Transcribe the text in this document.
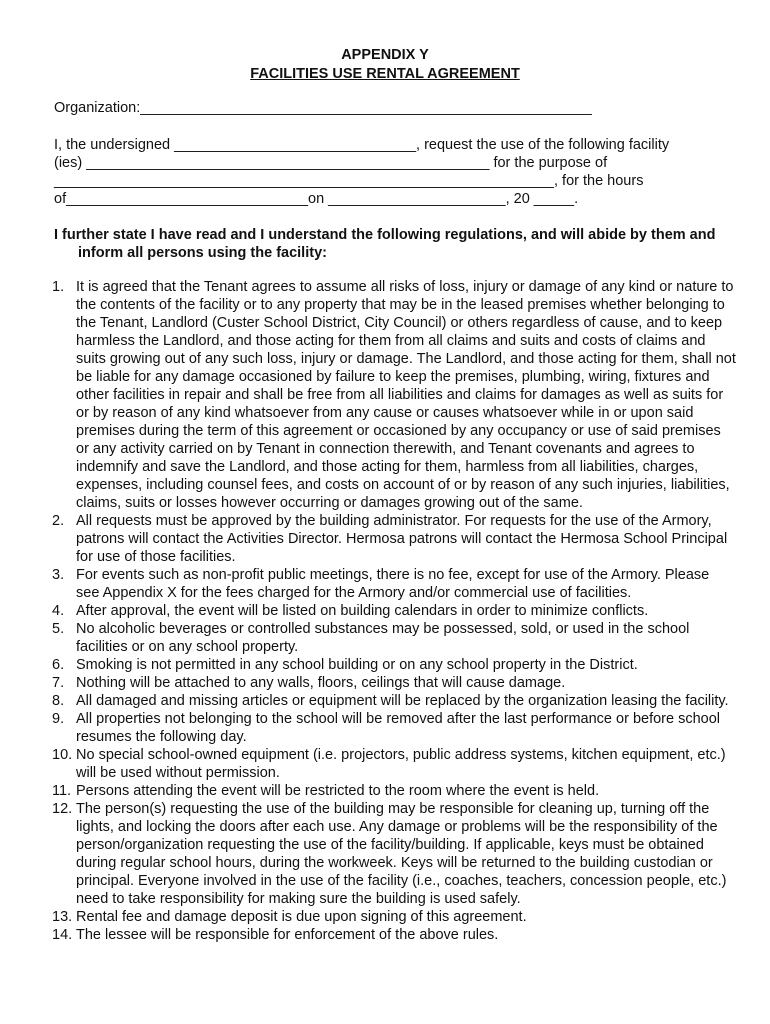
APPENDIX Y
FACILITIES USE RENTAL AGREEMENT
Organization:________________________________________________________
I, the undersigned ______________________________, request the use of the following facility
(ies) __________________________________________________ for the purpose of
______________________________________________________________, for the hours
of______________________________on ______________________, 20 _____.
I further state I have read and I understand the following regulations, and will abide by them and inform all persons using the facility:
1. It is agreed that the Tenant agrees to assume all risks of loss, injury or damage of any kind or nature to the contents of the facility or to any property that may be in the leased premises whether belonging to the Tenant, Landlord (Custer School District, City Council) or others regardless of cause, and to keep harmless the Landlord, and those acting for them from all claims and suits and costs of claims and suits growing out of any such loss, injury or damage. The Landlord, and those acting for them, shall not be liable for any damage occasioned by failure to keep the premises, plumbing, wiring, fixtures and other facilities in repair and shall be free from all liabilities and claims for damages as well as suits for or by reason of any kind whatsoever from any cause or causes whatsoever while in or upon said premises during the term of this agreement or occasioned by any occupancy or use of said premises or any activity carried on by Tenant in connection therewith, and Tenant covenants and agrees to indemnify and save the Landlord, and those acting for them, harmless from all liabilities, charges, expenses, including counsel fees, and costs on account of or by reason of any such injuries, liabilities, claims, suits or losses however occurring or damages growing out of the same.
2. All requests must be approved by the building administrator. For requests for the use of the Armory, patrons will contact the Activities Director. Hermosa patrons will contact the Hermosa School Principal for use of those facilities.
3. For events such as non-profit public meetings, there is no fee, except for use of the Armory. Please see Appendix X for the fees charged for the Armory and/or commercial use of facilities.
4. After approval, the event will be listed on building calendars in order to minimize conflicts.
5. No alcoholic beverages or controlled substances may be possessed, sold, or used in the school facilities or on any school property.
6. Smoking is not permitted in any school building or on any school property in the District.
7. Nothing will be attached to any walls, floors, ceilings that will cause damage.
8. All damaged and missing articles or equipment will be replaced by the organization leasing the facility.
9. All properties not belonging to the school will be removed after the last performance or before school resumes the following day.
10. No special school-owned equipment (i.e. projectors, public address systems, kitchen equipment, etc.) will be used without permission.
11. Persons attending the event will be restricted to the room where the event is held.
12. The person(s) requesting the use of the building may be responsible for cleaning up, turning off the lights, and locking the doors after each use. Any damage or problems will be the responsibility of the person/organization requesting the use of the facility/building. If applicable, keys must be obtained during regular school hours, during the workweek. Keys will be returned to the building custodian or principal. Everyone involved in the use of the facility (i.e., coaches, teachers, concession people, etc.) need to take responsibility for making sure the building is used safely.
13. Rental fee and damage deposit is due upon signing of this agreement.
14. The lessee will be responsible for enforcement of the above rules.
